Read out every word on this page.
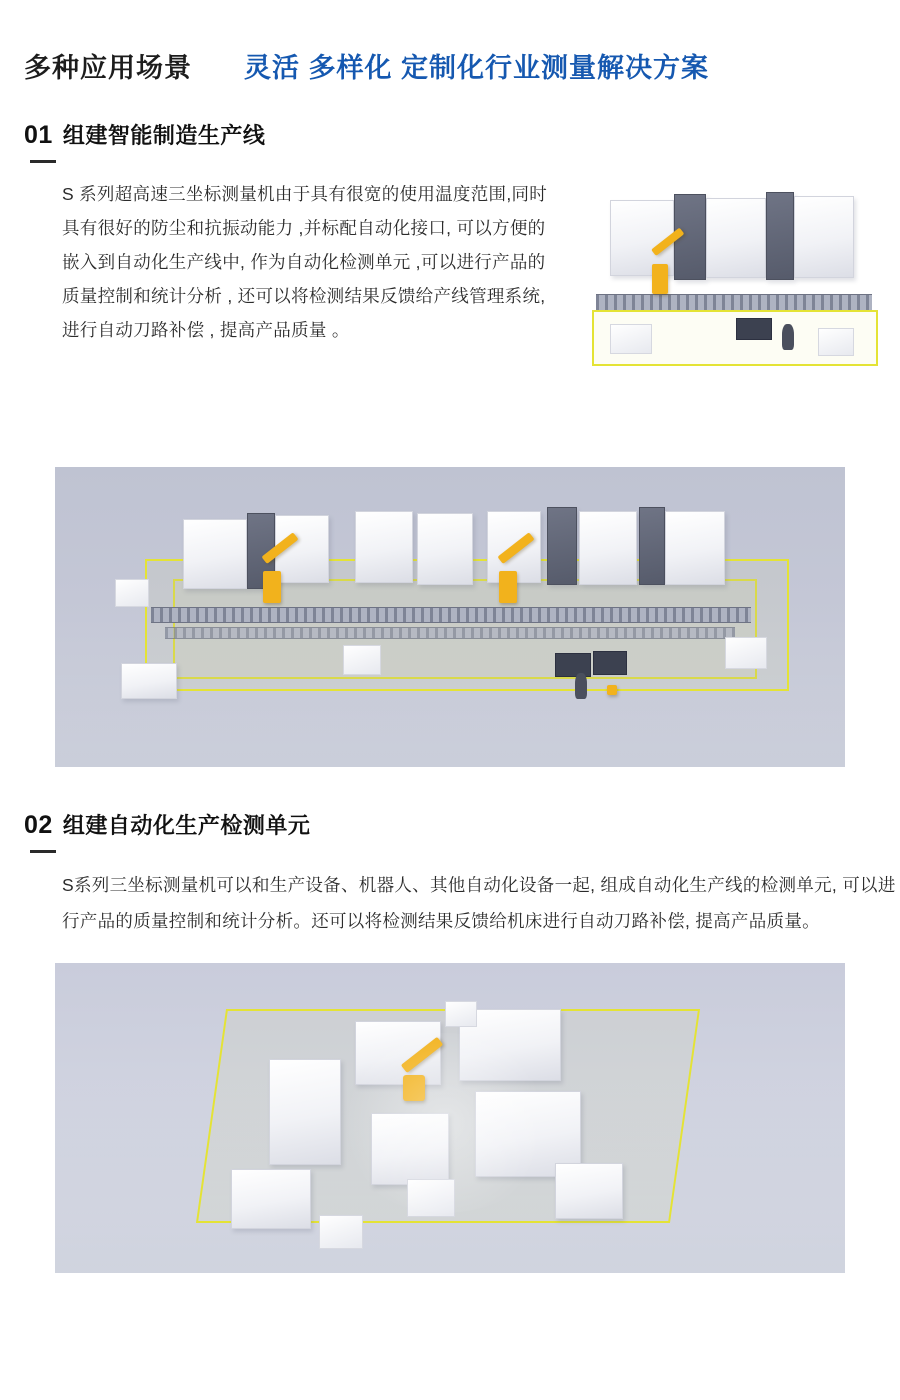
多种应用场景 灵活 多样化 定制化行业测量解决方案
01 组建智能制造生产线
S 系列超高速三坐标测量机由于具有很宽的使用温度范围,同时具有很好的防尘和抗振动能力 ,并标配自动化接口, 可以方便的嵌入到自动化生产线中, 作为自动化检测单元 ,可以进行产品的质量控制和统计分析 , 还可以将检测结果反馈给产线管理系统,进行自动刀路补偿 , 提高产品质量 。
02 组建自动化生产检测单元
S系列三坐标测量机可以和生产设备、机器人、其他自动化设备一起, 组成自动化生产线的检测单元, 可以进行产品的质量控制和统计分析。还可以将检测结果反馈给机床进行自动刀路补偿, 提高产品质量。
